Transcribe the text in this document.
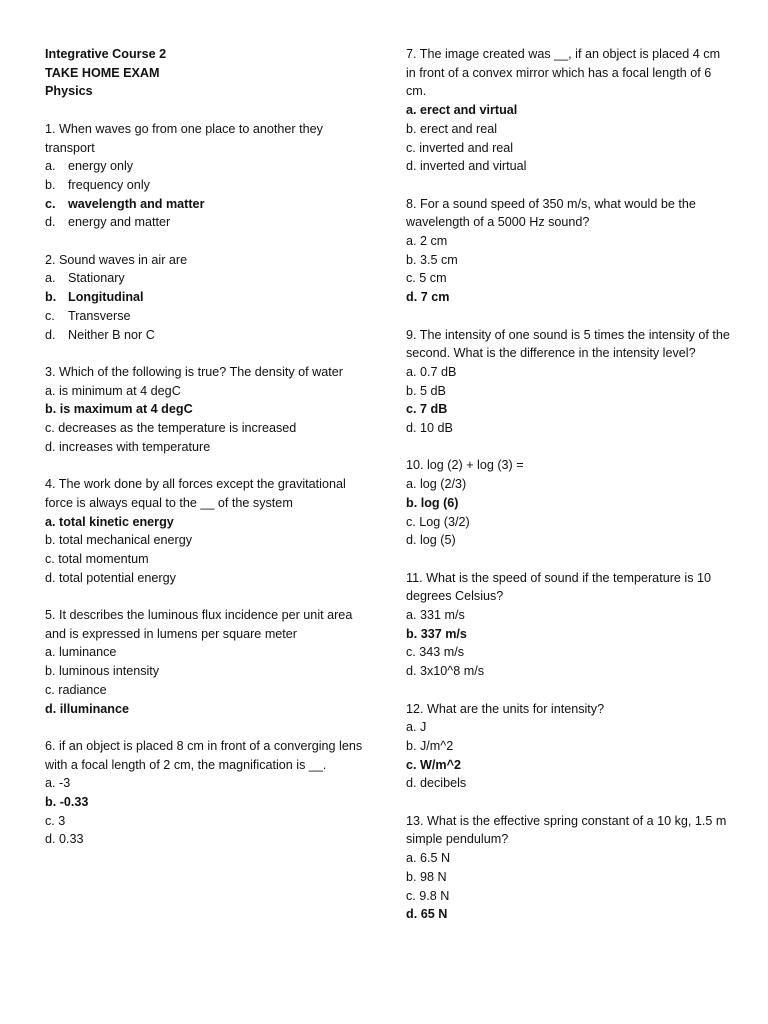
Integrative Course 2
TAKE HOME EXAM
Physics
1. When waves go from one place to another they transport
a. energy only
b. frequency only
c. wavelength and matter
d. energy and matter
2. Sound waves in air are
a. Stationary
b. Longitudinal
c.	Transverse
d. Neither B nor C
3. Which of the following is true? The density of water
a. is minimum at 4 degC
b. is maximum at 4 degC
c. decreases as the temperature is increased
d. increases with temperature
4. The work done by all forces except the gravitational force is always equal to the __ of the system
a. total kinetic energy
b. total mechanical energy
c. total momentum
d. total potential energy
5. It describes the luminous flux incidence per unit area and is expressed in lumens per square meter
a. luminance
b. luminous intensity
c. radiance
d. illuminance
6. if an object is placed 8 cm in front of a converging lens with a focal length of 2 cm, the magnification is __.
a. -3
b. -0.33
c. 3
d. 0.33
7. The image created was __, if an object is placed 4 cm in front of a convex mirror which has a focal length of 6 cm.
a. erect and virtual
b. erect and real
c. inverted and real
d. inverted and virtual
8. For a sound speed of 350 m/s, what would be the wavelength of a 5000 Hz sound?
a. 2 cm
b. 3.5 cm
c. 5 cm
d. 7 cm
9. The intensity of one sound is 5 times the intensity of the second. What is the difference in the intensity level?
a. 0.7 dB
b. 5 dB
c. 7 dB
d. 10 dB
10. log (2) + log (3) =
a. log (2/3)
b. log (6)
c. Log (3/2)
d. log (5)
11. What is the speed of sound if the temperature is 10 degrees Celsius?
a. 331 m/s
b. 337 m/s
c. 343 m/s
d. 3x10^8 m/s
12. What are the units for intensity?
a. J
b. J/m^2
c. W/m^2
d. decibels
13. What is the effective spring constant of a 10 kg, 1.5 m simple pendulum?
a. 6.5 N
b. 98 N
c. 9.8 N
d. 65 N
